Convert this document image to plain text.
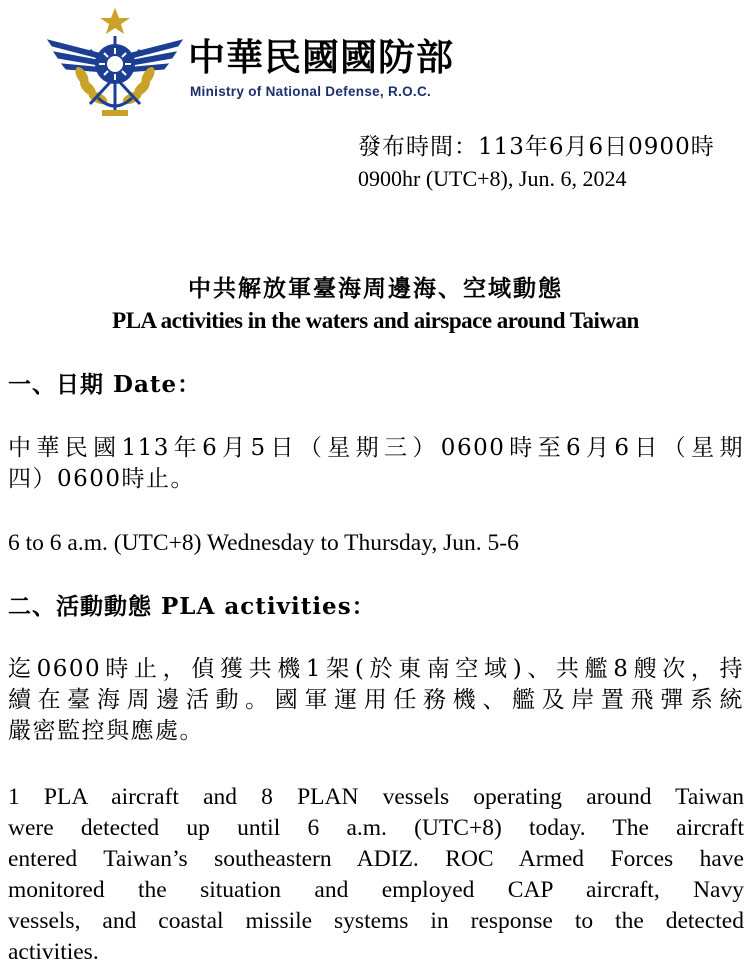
中華民國國防部
Ministry of National Defense, R.O.C.
發布時間：113年6月6日0900時
0900hr (UTC+8), Jun. 6, 2024
中共解放軍臺海周邊海、空域動態
PLA activities in the waters and airspace around Taiwan
一、日期 Date：
中華民國113年6月5日（星期三）0600時至6月6日（星期
四）0600時止。
6 to 6 a.m. (UTC+8) Wednesday to Thursday, Jun. 5-6
二、活動動態 PLA activities：
迄0600時止，偵獲共機1架(於東南空域)、共艦8艘次，持
續在臺海周邊活動。國軍運用任務機、艦及岸置飛彈系統
嚴密監控與應處。
1 PLA aircraft and 8 PLAN vessels operating around Taiwan
were detected up until 6 a.m. (UTC+8) today. The aircraft
entered Taiwan’s southeastern ADIZ. ROC Armed Forces have
monitored the situation and employed CAP aircraft, Navy
vessels, and coastal missile systems in response to the detected
activities.
